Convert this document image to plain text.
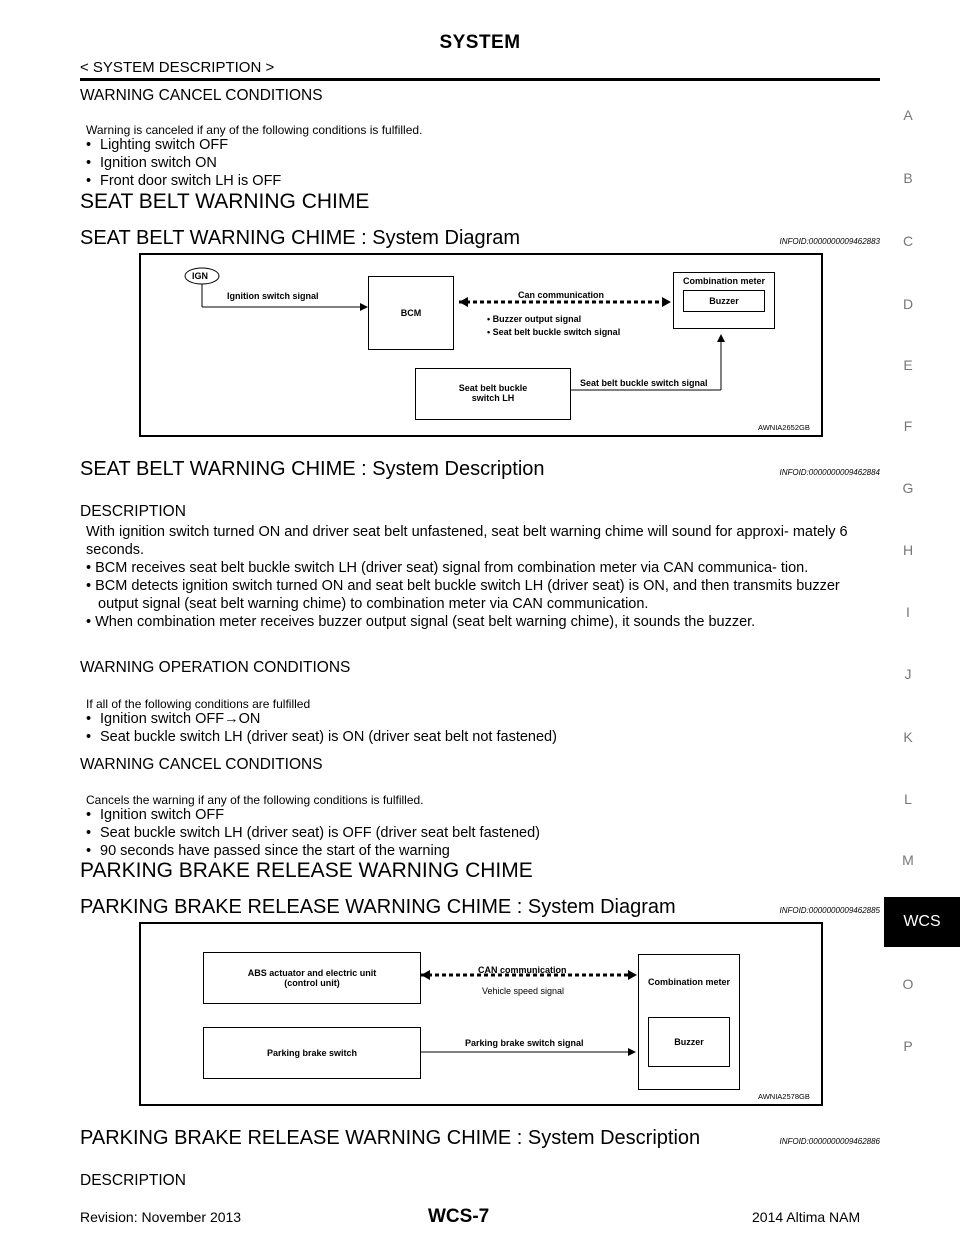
SYSTEM
< SYSTEM DESCRIPTION >
A
B
C
D
E
F
G
H
I
J
K
L
M
WCS
O
P
WARNING CANCEL CONDITIONS
Warning is canceled if any of the following conditions is fulfilled.
• Lighting switch OFF
• Ignition switch ON
• Front door switch LH is OFF
SEAT BELT WARNING CHIME
SEAT BELT WARNING CHIME : System Diagram	INFOID:0000000009462883
IGN
Ignition switch signal
BCM
Can communication
• Buzzer output signal
• Seat belt buckle switch signal
Combination meter
Buzzer
Seat belt buckle
switch LH
Seat belt buckle switch signal
AWNIA2652GB
SEAT BELT WARNING CHIME : System Description	INFOID:0000000009462884
DESCRIPTION
With ignition switch turned ON and driver seat belt unfastened, seat belt warning chime will sound for approxi- mately 6 seconds.
• BCM receives seat belt buckle switch LH (driver seat) signal from combination meter via CAN communica- tion.
• BCM detects ignition switch turned ON and seat belt buckle switch LH (driver seat) is ON, and then transmits buzzer output signal (seat belt warning chime) to combination meter via CAN communication.
• When combination meter receives buzzer output signal (seat belt warning chime), it sounds the buzzer.
WARNING OPERATION CONDITIONS
If all of the following conditions are fulfilled
• Ignition switch OFF→ON
• Seat buckle switch LH (driver seat) is ON (driver seat belt not fastened)
WARNING CANCEL CONDITIONS
Cancels the warning if any of the following conditions is fulfilled.
• Ignition switch OFF
• Seat buckle switch LH (driver seat) is OFF (driver seat belt fastened)
• 90 seconds have passed since the start of the warning
PARKING BRAKE RELEASE WARNING CHIME
PARKING BRAKE RELEASE WARNING CHIME : System Diagram	INFOID:0000000009462885
ABS actuator and electric unit
(control unit)
CAN communication
Vehicle speed signal
Parking brake switch
Parking brake switch signal
Combination meter
Buzzer
AWNIA2578GB
PARKING BRAKE RELEASE WARNING CHIME : System Description	INFOID:0000000009462886
DESCRIPTION
Revision: November 2013	WCS-7	2014 Altima NAM
